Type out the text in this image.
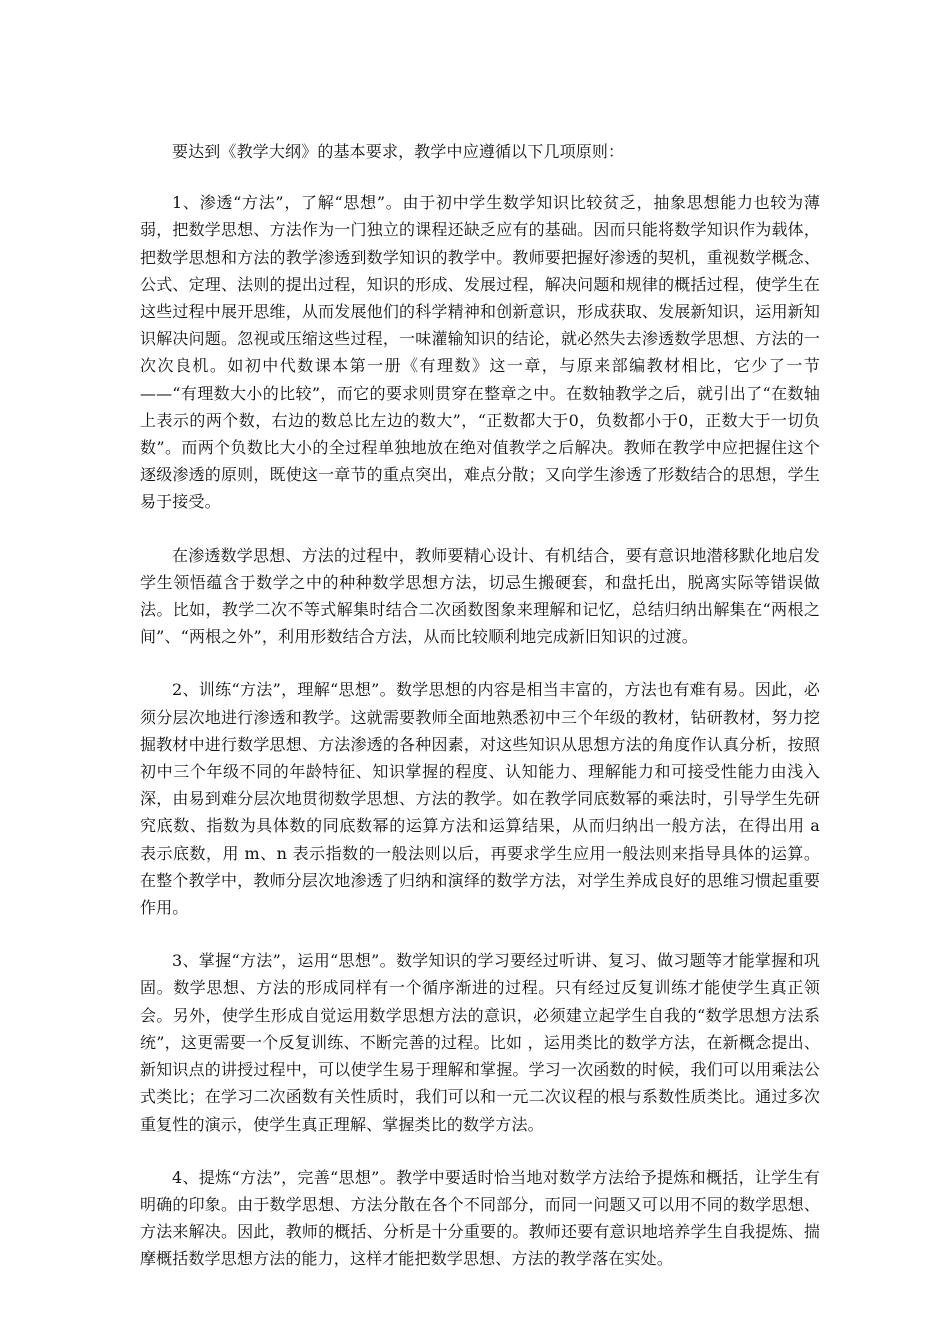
要达到《教学大纲》的基本要求，教学中应遵循以下几项原则：

1、渗透“方法”，了解“思想”。由于初中学生数学知识比较贫乏，抽象思想能力也较为薄弱，把数学思想、方法作为一门独立的课程还缺乏应有的基础。因而只能将数学知识作为载体，把数学思想和方法的教学渗透到数学知识的教学中。教师要把握好渗透的契机，重视数学概念、公式、定理、法则的提出过程，知识的形成、发展过程，解决问题和规律的概括过程，使学生在这些过程中展开思维，从而发展他们的科学精神和创新意识，形成获取、发展新知识，运用新知识解决问题。忽视或压缩这些过程，一味灌输知识的结论，就必然失去渗透数学思想、方法的一次次良机。如初中代数课本第一册《有理数》这一章，与原来部编教材相比，它少了一节——“有理数大小的比较”，而它的要求则贯穿在整章之中。在数轴教学之后，就引出了“在数轴上表示的两个数，右边的数总比左边的数大”，“正数都大于0，负数都小于0，正数大于一切负数”。而两个负数比大小的全过程单独地放在绝对值教学之后解决。教师在教学中应把握住这个逐级渗透的原则，既使这一章节的重点突出，难点分散；又向学生渗透了形数结合的思想，学生易于接受。

在渗透数学思想、方法的过程中，教师要精心设计、有机结合，要有意识地潜移默化地启发学生领悟蕴含于数学之中的种种数学思想方法，切忌生搬硬套，和盘托出，脱离实际等错误做法。比如，教学二次不等式解集时结合二次函数图象来理解和记忆，总结归纳出解集在“两根之间”、“两根之外”，利用形数结合方法，从而比较顺利地完成新旧知识的过渡。

2、训练“方法”，理解“思想”。数学思想的内容是相当丰富的，方法也有难有易。因此，必须分层次地进行渗透和教学。这就需要教师全面地熟悉初中三个年级的教材，钻研教材，努力挖掘教材中进行数学思想、方法渗透的各种因素，对这些知识从思想方法的角度作认真分析，按照初中三个年级不同的年龄特征、知识掌握的程度、认知能力、理解能力和可接受性能力由浅入深，由易到难分层次地贯彻数学思想、方法的教学。如在教学同底数幂的乘法时，引导学生先研究底数、指数为具体数的同底数幂的运算方法和运算结果，从而归纳出一般方法，在得出用 a 表示底数，用 m、n 表示指数的一般法则以后，再要求学生应用一般法则来指导具体的运算。在整个教学中，教师分层次地渗透了归纳和演绎的数学方法，对学生养成良好的思维习惯起重要作用。

3、掌握“方法”，运用“思想”。数学知识的学习要经过听讲、复习、做习题等才能掌握和巩固。数学思想、方法的形成同样有一个循序渐进的过程。只有经过反复训练才能使学生真正领会。另外，使学生形成自觉运用数学思想方法的意识，必须建立起学生自我的“数学思想方法系统”，这更需要一个反复训练、不断完善的过程。比如 ，运用类比的数学方法，在新概念提出、新知识点的讲授过程中，可以使学生易于理解和掌握。学习一次函数的时候，我们可以用乘法公式类比；在学习二次函数有关性质时，我们可以和一元二次议程的根与系数性质类比。通过多次重复性的演示，使学生真正理解、掌握类比的数学方法。

4、提炼“方法”，完善“思想”。教学中要适时恰当地对数学方法给予提炼和概括，让学生有明确的印象。由于数学思想、方法分散在各个不同部分，而同一问题又可以用不同的数学思想、方法来解决。因此，教师的概括、分析是十分重要的。教师还要有意识地培养学生自我提炼、揣摩概括数学思想方法的能力，这样才能把数学思想、方法的教学落在实处。
